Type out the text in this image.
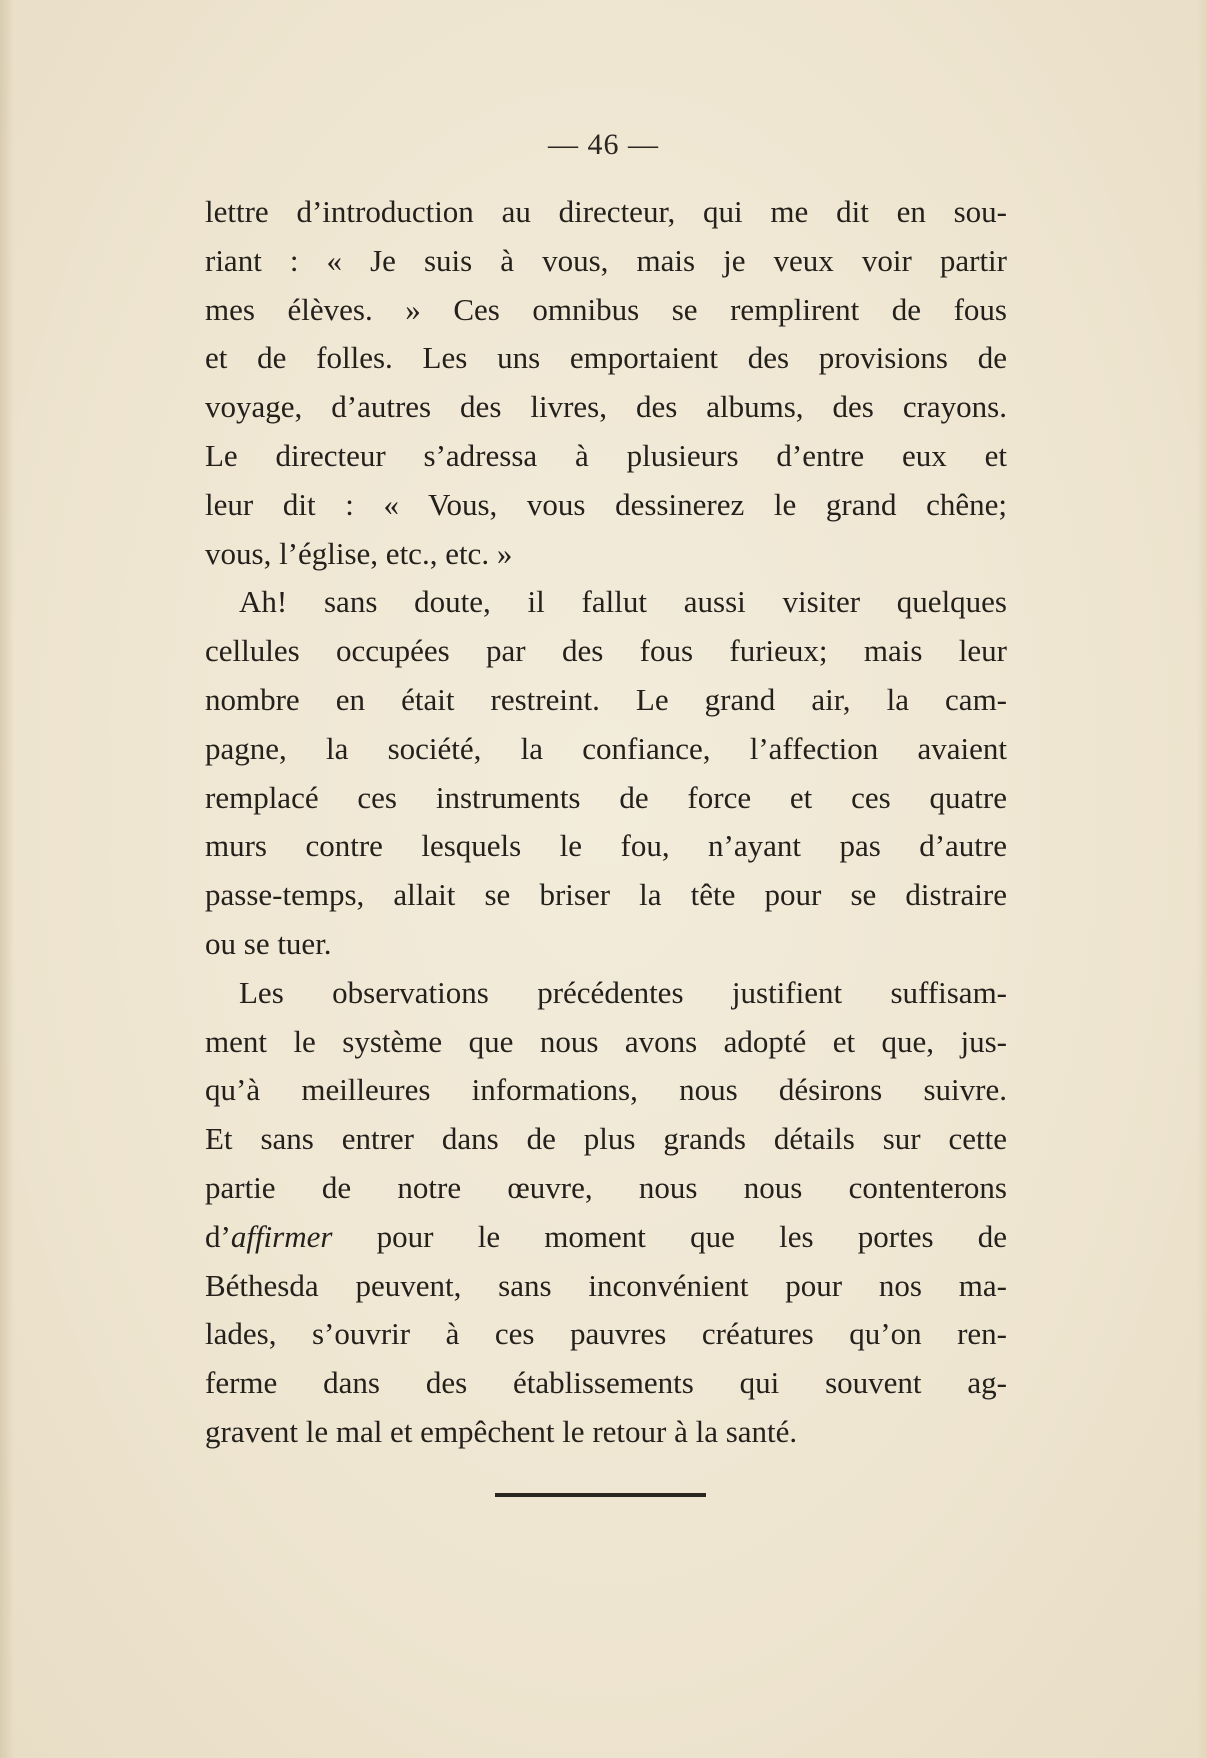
— 46 —
lettre d’introduction au directeur, qui me dit en sou-
riant : « Je suis à vous, mais je veux voir partir
mes élèves. » Ces omnibus se remplirent de fous
et de folles. Les uns emportaient des provisions de
voyage, d’autres des livres, des albums, des crayons.
Le directeur s’adressa à plusieurs d’entre eux et
leur dit : « Vous, vous dessinerez le grand chêne;
vous, l’église, etc., etc. »
Ah! sans doute, il fallut aussi visiter quelques
cellules occupées par des fous furieux; mais leur
nombre en était restreint. Le grand air, la cam-
pagne, la société, la confiance, l’affection avaient
remplacé ces instruments de force et ces quatre
murs contre lesquels le fou, n’ayant pas d’autre
passe-temps, allait se briser la tête pour se distraire
ou se tuer.
Les observations précédentes justifient suffisam-
ment le système que nous avons adopté et que, jus-
qu’à meilleures informations, nous désirons suivre.
Et sans entrer dans de plus grands détails sur cette
partie de notre œuvre, nous nous contenterons
d’affirmer pour le moment que les portes de
Béthesda peuvent, sans inconvénient pour nos ma-
lades, s’ouvrir à ces pauvres créatures qu’on ren-
ferme dans des établissements qui souvent ag-
gravent le mal et empêchent le retour à la santé.
